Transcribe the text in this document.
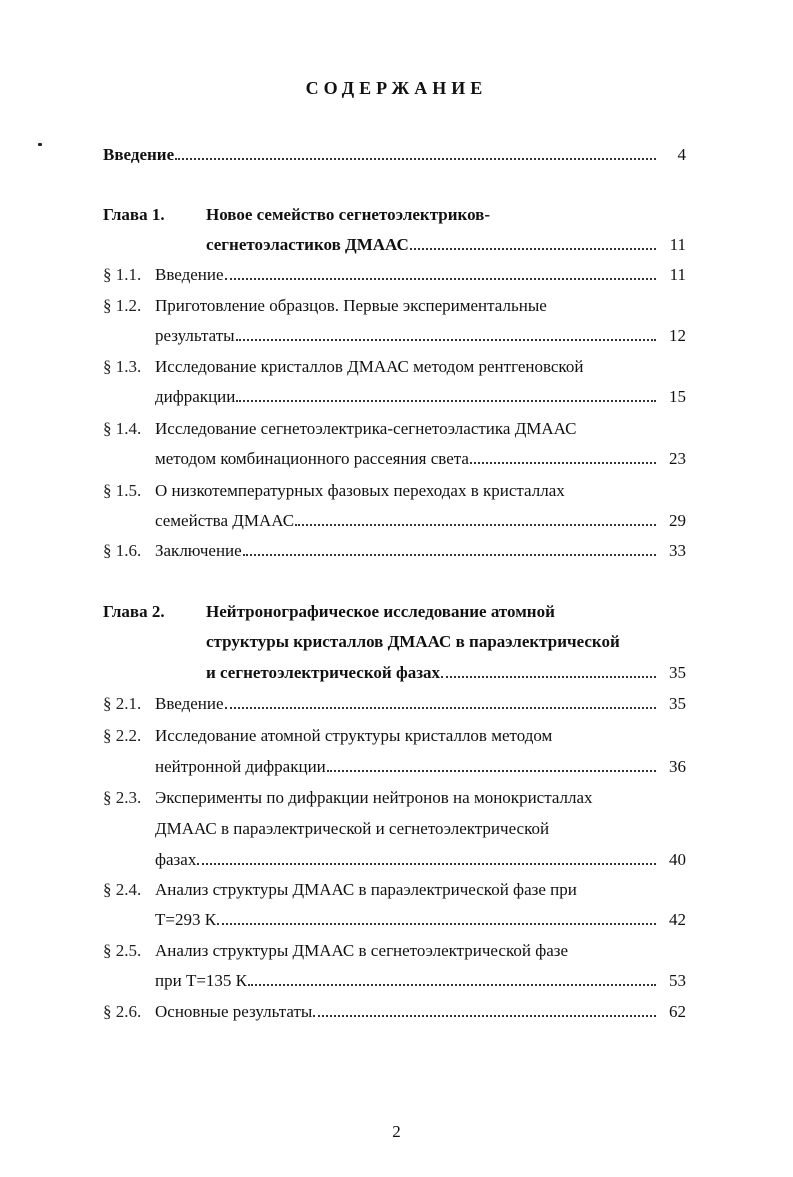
СОДЕРЖАНИЕ
Введение	4
Глава 1. Новое семейство сегнетоэлектриков-
сегнетоэластиков ДМААС	11
§ 1.1. Введение	11
§ 1.2. Приготовление образцов. Первые экспериментальные
результаты	12
§ 1.3. Исследование кристаллов ДМААС методом рентгеновской
дифракции	15
§ 1.4. Исследование сегнетоэлектрика-сегнетоэластика ДМААС
методом комбинационного рассеяния света	23
§ 1.5. О низкотемпературных фазовых переходах в кристаллах
семейства ДМААС	29
§ 1.6. Заключение	33
Глава 2. Нейтронографическое исследование атомной
структуры кристаллов ДМААС в параэлектрической
и сегнетоэлектрической фазах	35
§ 2.1. Введение	35
§ 2.2. Исследование атомной структуры кристаллов методом
нейтронной дифракции	36
§ 2.3. Эксперименты по дифракции нейтронов на монокристаллах
ДМААС в параэлектрической и сегнетоэлектрической
фазах	40
§ 2.4. Анализ структуры ДМААС в параэлектрической фазе при
Т=293 К	42
§ 2.5. Анализ структуры ДМААС в сегнетоэлектрической фазе
при Т=135 К	53
§ 2.6. Основные результаты	62
2
